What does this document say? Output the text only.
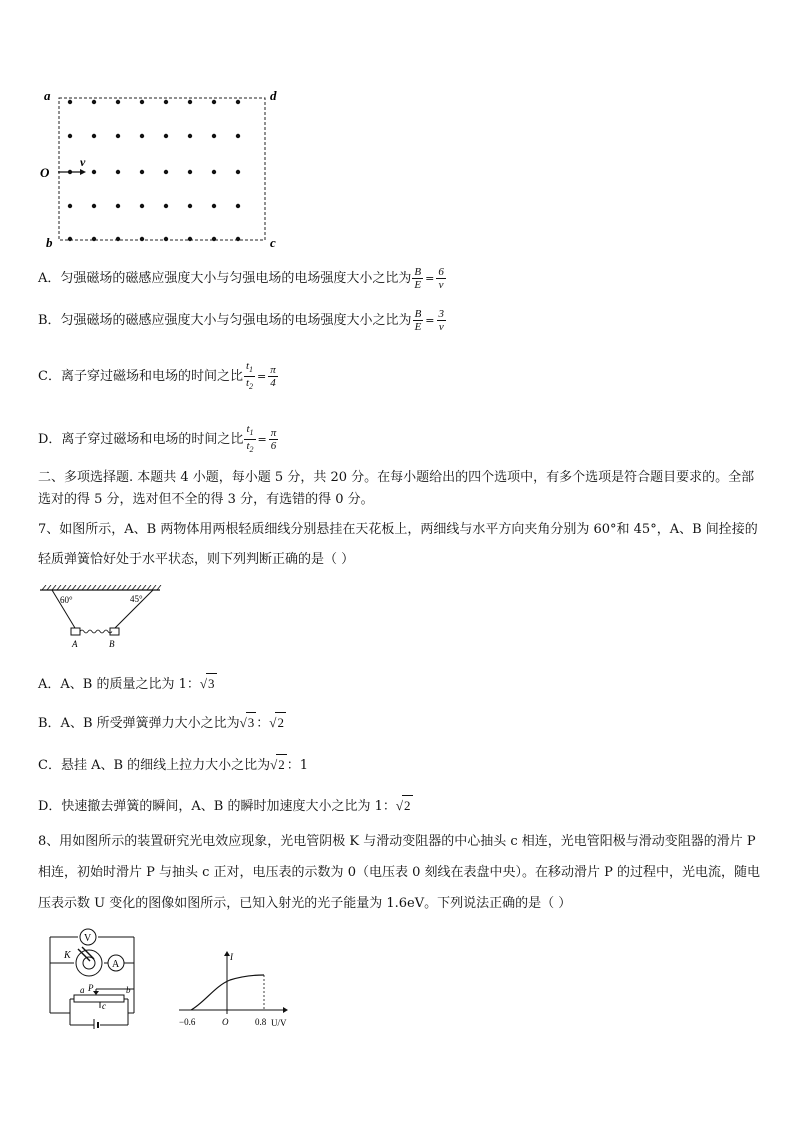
a	d
b	c
O
v
A．匀强磁场的磁感应强度大小与匀强电场的电场强度大小之比为 $\frac{B}{E} = \frac{6}{v}$
B．匀强磁场的磁感应强度大小与匀强电场的电场强度大小之比为 $\frac{B}{E} = \frac{3}{v}$
C．离子穿过磁场和电场的时间之比 $\frac{t_1}{t_2} = \frac{\pi}{4}$
D．离子穿过磁场和电场的时间之比 $\frac{t_1}{t_2} = \frac{\pi}{6}$
二、多项选择题. 本题共 4 小题，每小题 5 分，共 20 分。在每小题给出的四个选项中，有多个选项是符合题目要求的。全部选对的得 5 分，选对但不全的得 3 分，有选错的得 0 分。
7、如图所示，A、B 两物体用两根轻质细线分别悬挂在天花板上，两细线与水平方向夹角分别为 60°和 45°，A、B 间拴接的轻质弹簧恰好处于水平状态，则下列判断正确的是（ ）
60°	45°
A	B
A．A、B 的质量之比为 1：√3
B．A、B 所受弹簧弹力大小之比为√3 ：√2
C．悬挂 A、B 的细线上拉力大小之比为√2 ：1
D．快速撤去弹簧的瞬间，A、B 的瞬时加速度大小之比为 1：√2
8、用如图所示的装置研究光电效应现象，光电管阴极 K 与滑动变阻器的中心抽头 c 相连，光电管阳极与滑动变阻器的滑片 P 相连，初始时滑片 P 与抽头 c 正对，电压表的示数为 0（电压表 0 刻线在表盘中央）。在移动滑片 P 的过程中，光电流，随电压表示数 U 变化的图像如图所示，已知入射光的光子能量为 1.6eV。下列说法正确的是（ ）
V
K
A
a P	b
c
I
U/V
−0.6	O	0.8
